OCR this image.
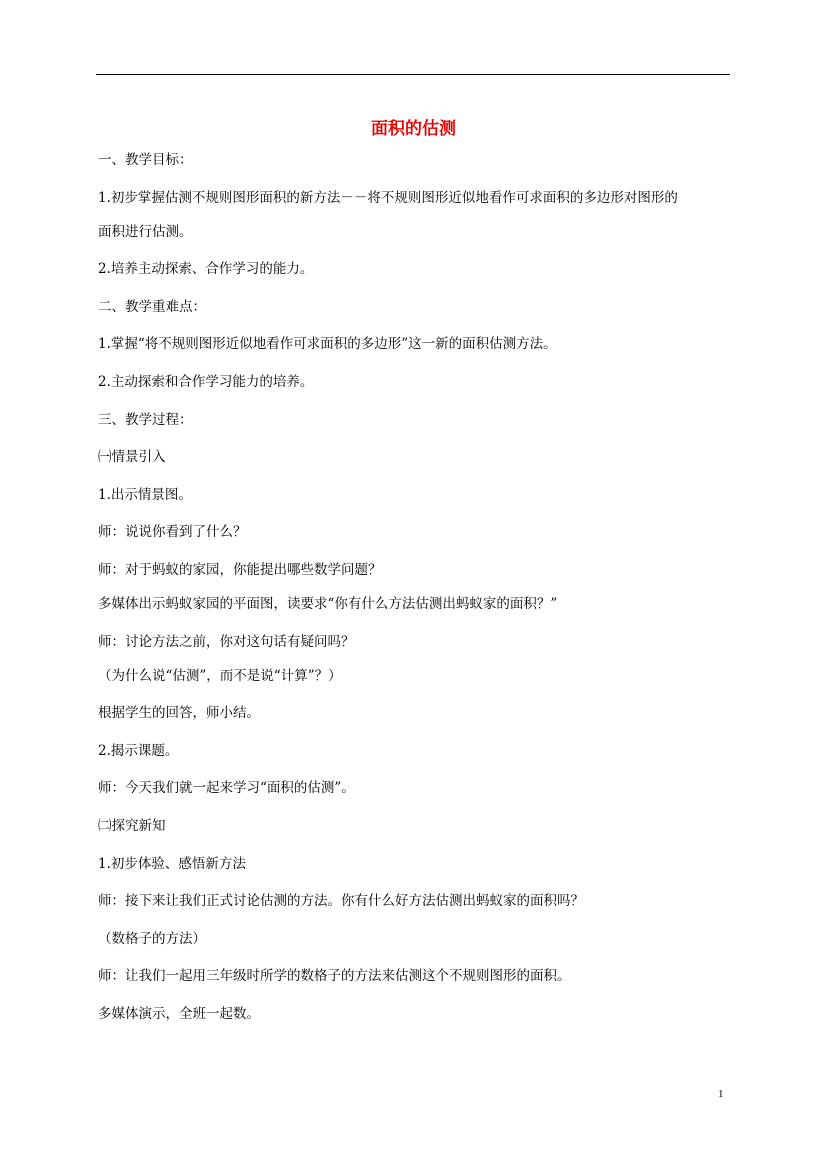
面积的估测
一、教学目标：
1.初步掌握估测不规则图形面积的新方法－－将不规则图形近似地看作可求面积的多边形对图形的
面积进行估测。
2.培养主动探索、合作学习的能力。
二、教学重难点：
1.掌握“将不规则图形近似地看作可求面积的多边形”这一新的面积估测方法。
2.主动探索和合作学习能力的培养。
三、教学过程：
㈠情景引入
1.出示情景图。
师：说说你看到了什么？
师：对于蚂蚁的家园，你能提出哪些数学问题？
多媒体出示蚂蚁家园的平面图，读要求“你有什么方法估测出蚂蚁家的面积？”
师：讨论方法之前，你对这句话有疑问吗？
（为什么说“估测”，而不是说“计算”？）
根据学生的回答，师小结。
2.揭示课题。
师：今天我们就一起来学习“面积的估测”。
㈡探究新知
1.初步体验、感悟新方法
师：接下来让我们正式讨论估测的方法。你有什么好方法估测出蚂蚁家的面积吗？
（数格子的方法）
师：让我们一起用三年级时所学的数格子的方法来估测这个不规则图形的面积。
多媒体演示，全班一起数。
1
